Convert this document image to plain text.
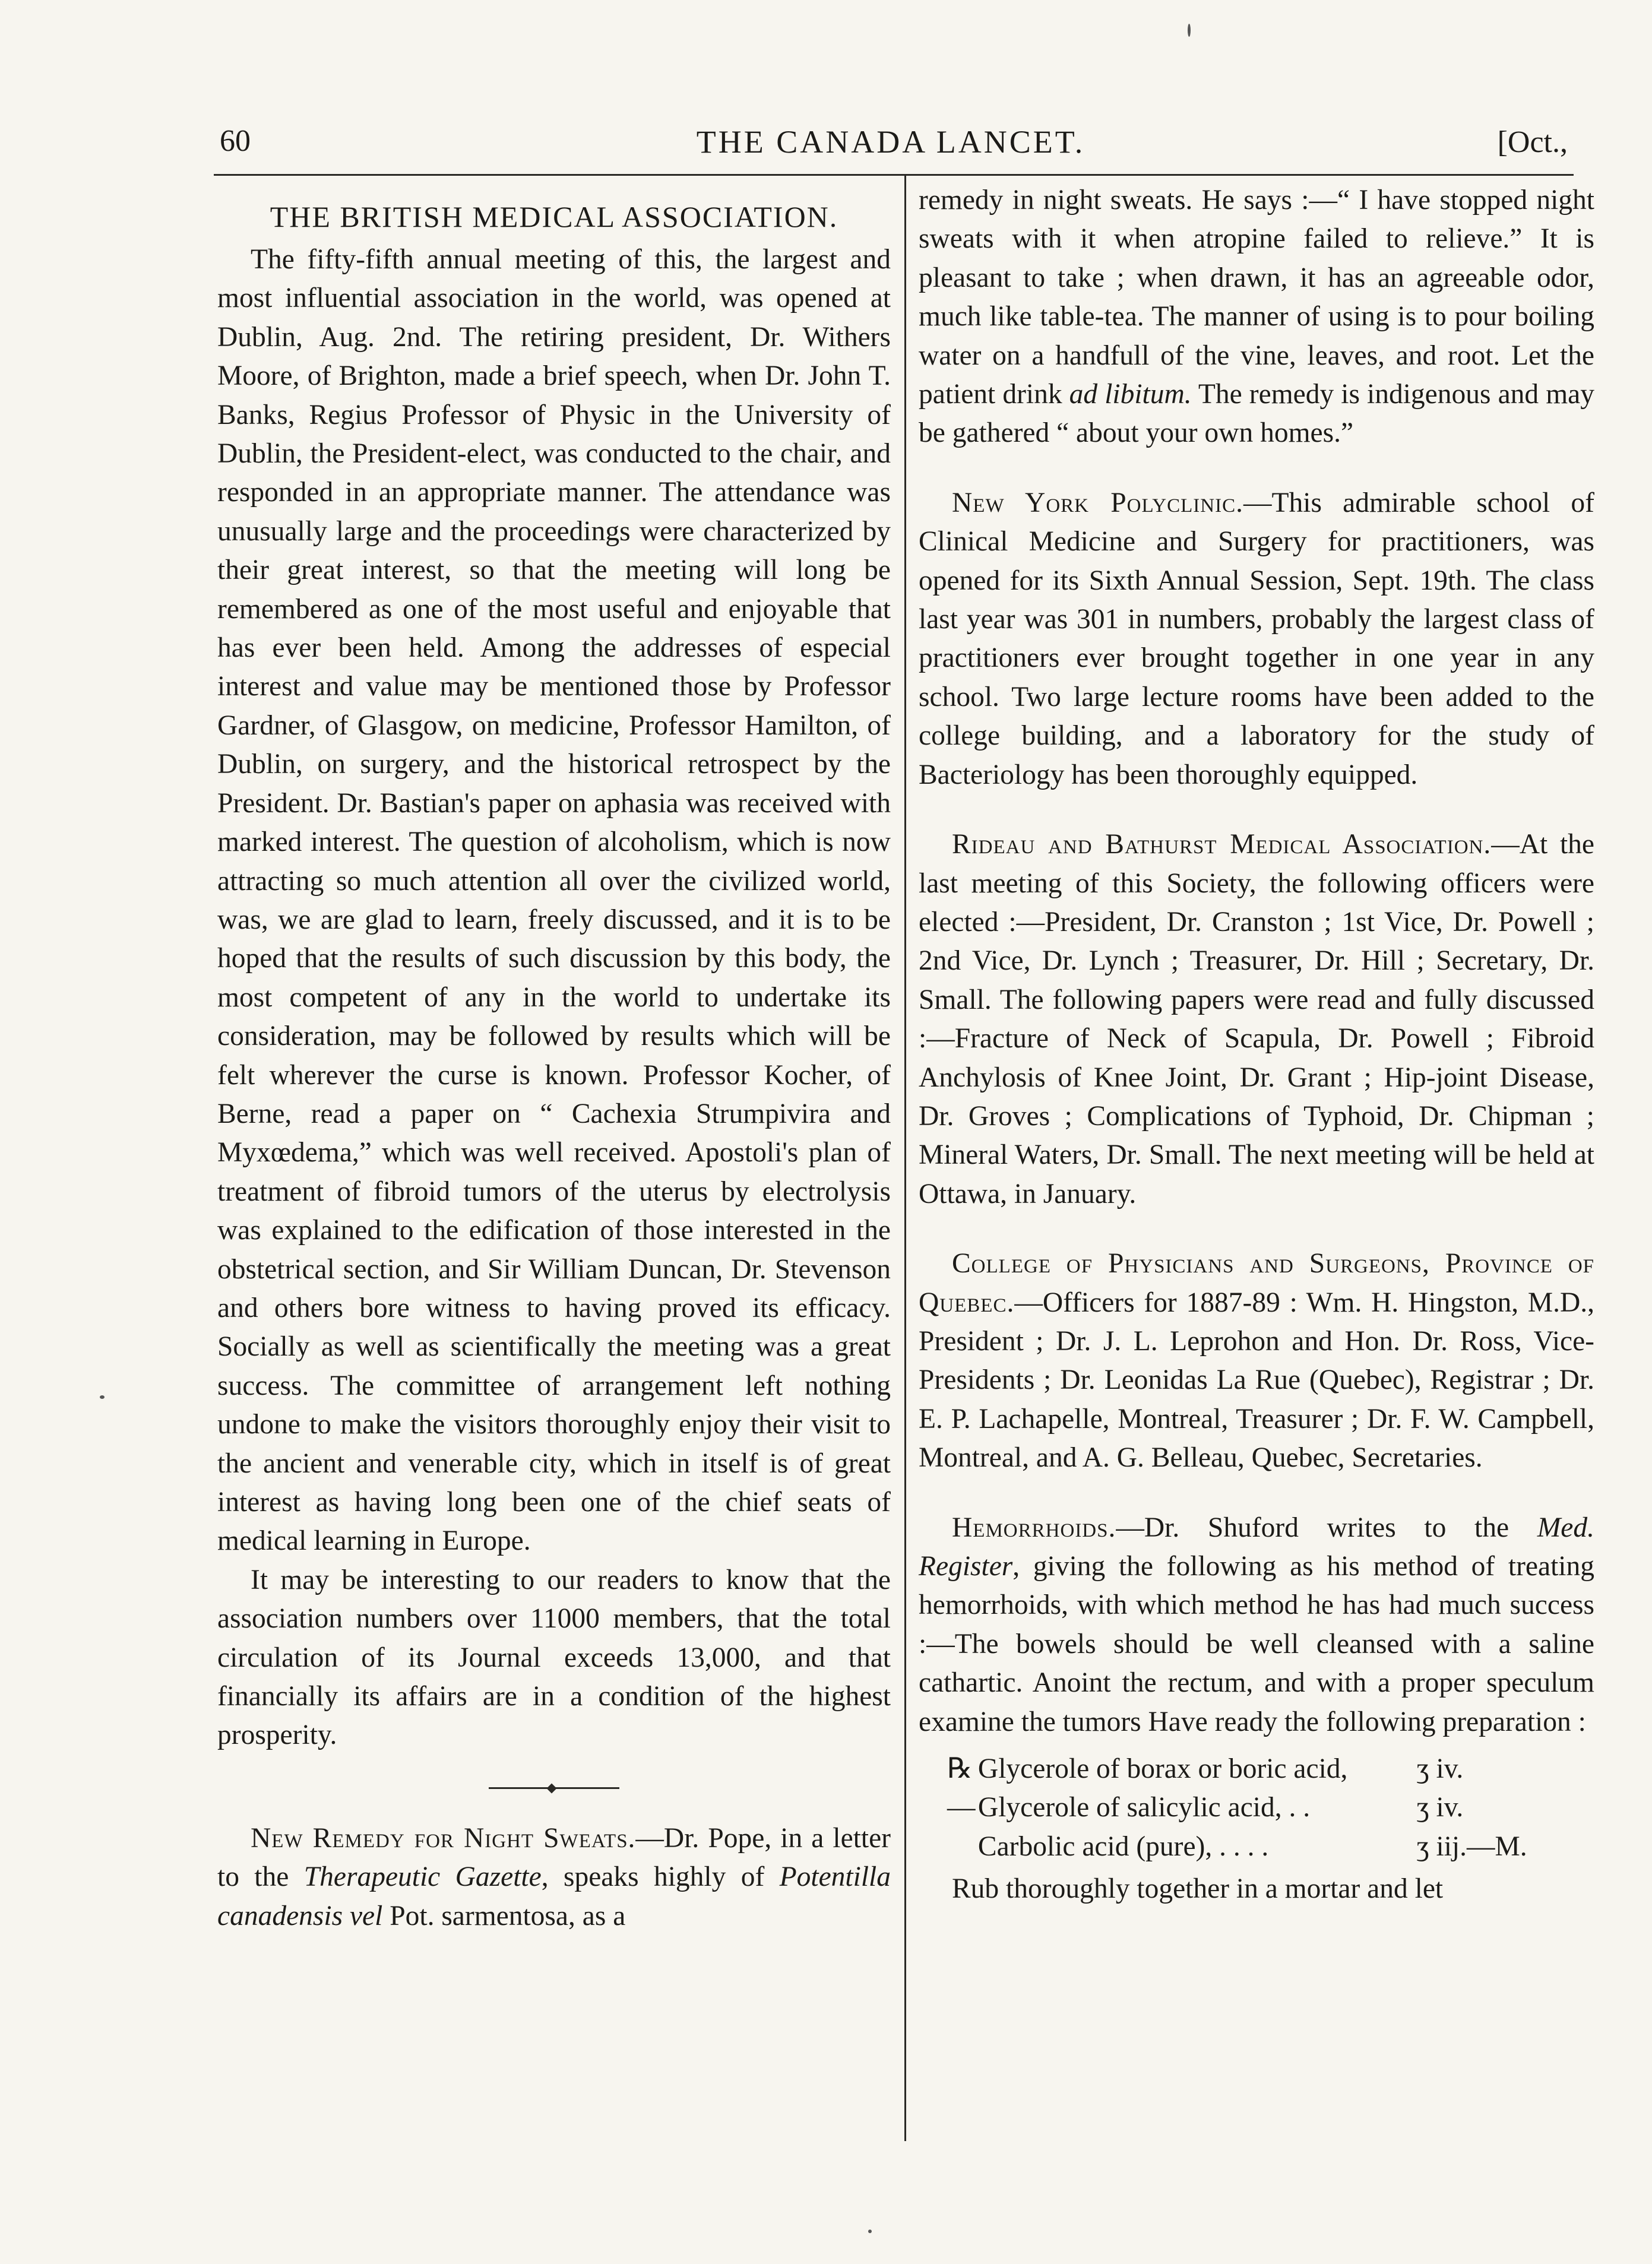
60	THE CANADA LANCET.	[Oct.,
THE BRITISH MEDICAL ASSOCIATION.

The fifty-fifth annual meeting of this, the largest and most influential association in the world, was opened at Dublin, Aug. 2nd. The retiring president, Dr. Withers Moore, of Brighton, made a brief speech, when Dr. John T. Banks, Regius Professor of Physic in the University of Dublin, the President-elect, was conducted to the chair, and responded in an appropriate manner. The attendance was unusually large and the proceedings were characterized by their great interest, so that the meeting will long be remembered as one of the most useful and enjoyable that has ever been held. Among the addresses of especial interest and value may be mentioned those by Professor Gardner, of Glasgow, on medicine, Professor Hamilton, of Dublin, on surgery, and the historical retrospect by the President. Dr. Bastian's paper on aphasia was received with marked interest. The question of alcoholism, which is now attracting so much attention all over the civilized world, was, we are glad to learn, freely discussed, and it is to be hoped that the results of such discussion by this body, the most competent of any in the world to undertake its consideration, may be followed by results which will be felt wherever the curse is known. Professor Kocher, of Berne, read a paper on “ Cachexia Strumpivira and Myxœdema,” which was well received. Apostoli's plan of treatment of fibroid tumors of the uterus by electrolysis was explained to the edification of those interested in the obstetrical section, and Sir William Duncan, Dr. Stevenson and others bore witness to having proved its efficacy. Socially as well as scientifically the meeting was a great success. The committee of arrangement left nothing undone to make the visitors thoroughly enjoy their visit to the ancient and venerable city, which in itself is of great interest as having long been one of the chief seats of medical learning in Europe.

It may be interesting to our readers to know that the association numbers over 11000 members, that the total circulation of its Journal exceeds 13,000, and that financially its affairs are in a condition of the highest prosperity.

New Remedy for Night Sweats.—Dr. Pope, in a letter to the Therapeutic Gazette, speaks highly of Potentilla canadensis vel Pot. sarmentosa, as a

remedy in night sweats. He says :—“ I have stopped night sweats with it when atropine failed to relieve.” It is pleasant to take ; when drawn, it has an agreeable odor, much like table-tea. The manner of using is to pour boiling water on a handfull of the vine, leaves, and root. Let the patient drink ad libitum. The remedy is indigenous and may be gathered “ about your own homes.”

New York Polyclinic.—This admirable school of Clinical Medicine and Surgery for practitioners, was opened for its Sixth Annual Session, Sept. 19th. The class last year was 301 in numbers, probably the largest class of practitioners ever brought together in one year in any school. Two large lecture rooms have been added to the college building, and a laboratory for the study of Bacteriology has been thoroughly equipped.

Rideau and Bathurst Medical Association.—At the last meeting of this Society, the following officers were elected :—President, Dr. Cranston ; 1st Vice, Dr. Powell ; 2nd Vice, Dr. Lynch ; Treasurer, Dr. Hill ; Secretary, Dr. Small. The following papers were read and fully discussed :—Fracture of Neck of Scapula, Dr. Powell ; Fibroid Anchylosis of Knee Joint, Dr. Grant ; Hip-joint Disease, Dr. Groves ; Complications of Typhoid, Dr. Chipman ; Mineral Waters, Dr. Small. The next meeting will be held at Ottawa, in January.

College of Physicians and Surgeons, Province of Quebec.—Officers for 1887-89 : Wm. H. Hingston, M.D., President ; Dr. J. L. Leprohon and Hon. Dr. Ross, Vice-Presidents ; Dr. Leonidas La Rue (Quebec), Registrar ; Dr. E. P. Lachapelle, Montreal, Treasurer ; Dr. F. W. Campbell, Montreal, and A. G. Belleau, Quebec, Secretaries.

Hemorrhoids.—Dr. Shuford writes to the Med. Register, giving the following as his method of treating hemorrhoids, with which method he has had much success :—The bowels should be well cleansed with a saline cathartic. Anoint the rectum, and with a proper speculum examine the tumors Have ready the following preparation :

℞—
Glycerole of borax or boric acid,	ʒ iv.
Glycerole of salicylic acid, . .	ʒ iv.
Carbolic acid (pure), . . . .	ʒ iij.—M.

Rub thoroughly together in a mortar and let
